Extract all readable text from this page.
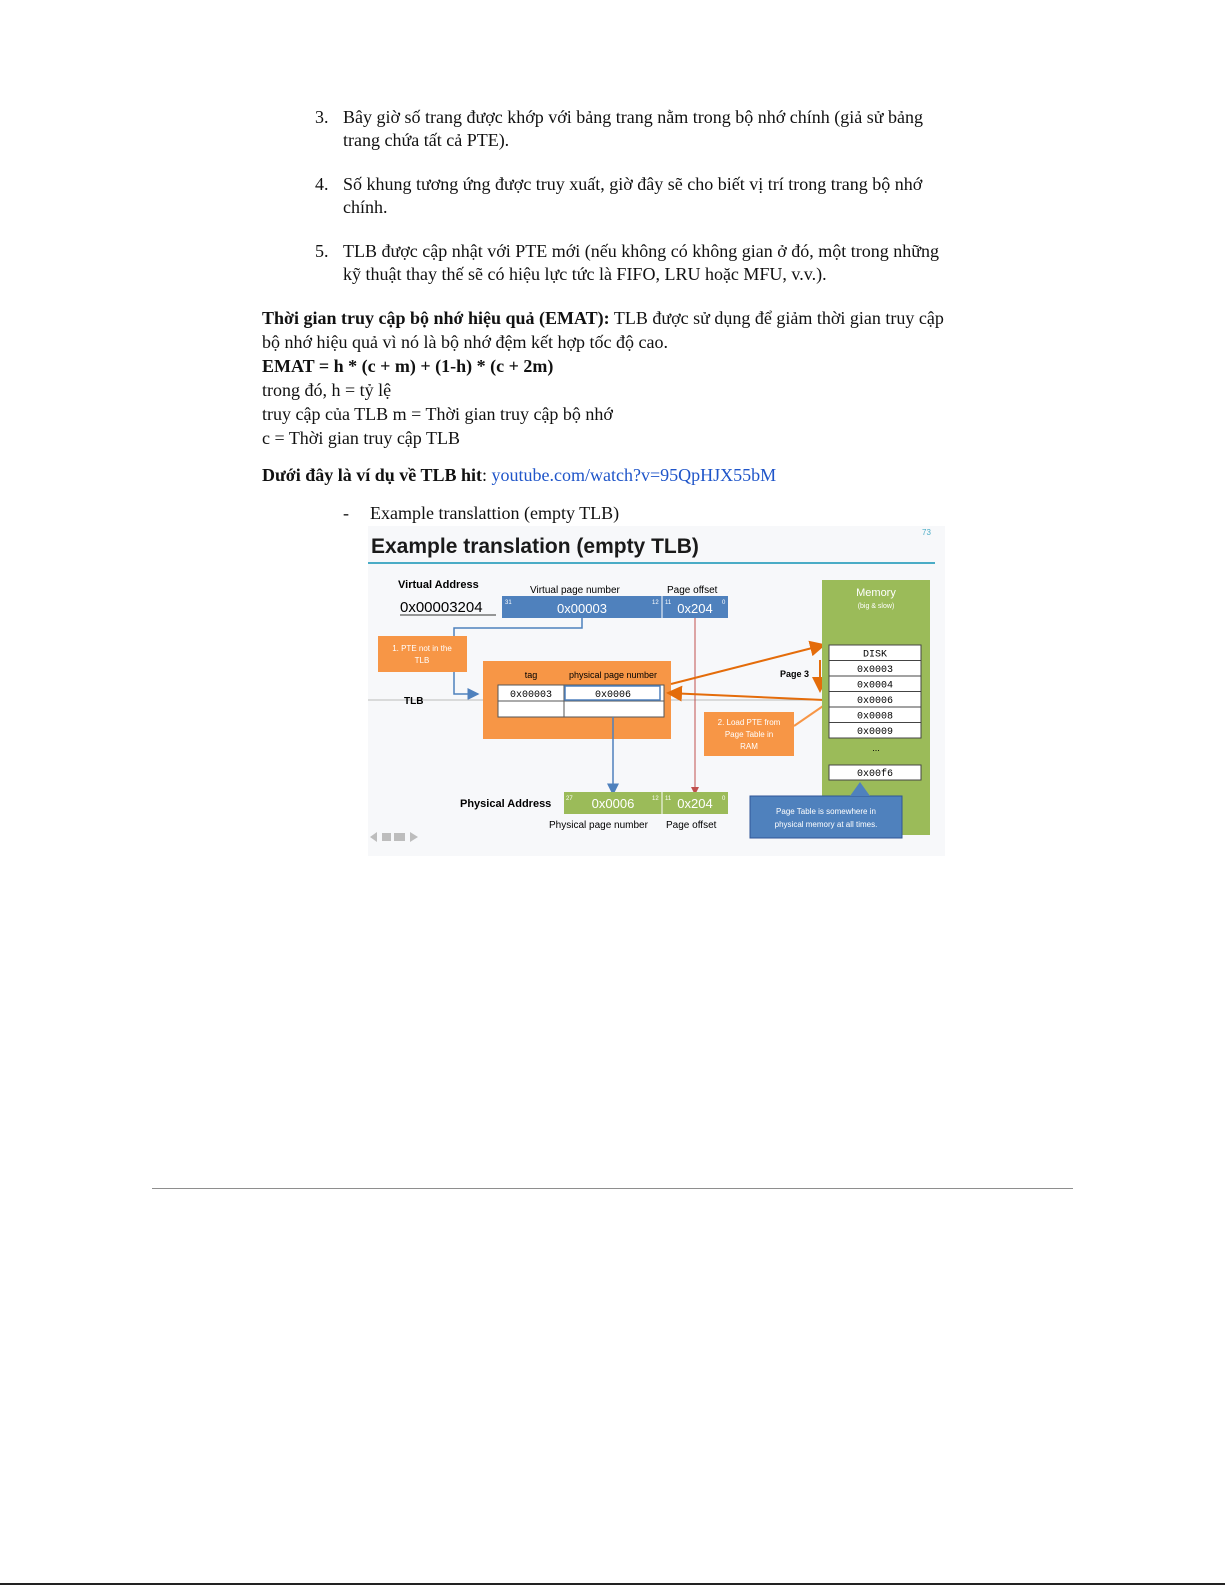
3. Bây giờ số trang được khớp với bảng trang nằm trong bộ nhớ chính (giả sử bảng trang chứa tất cả PTE).
4. Số khung tương ứng được truy xuất, giờ đây sẽ cho biết vị trí trong trang bộ nhớ chính.
5. TLB được cập nhật với PTE mới (nếu không có không gian ở đó, một trong những kỹ thuật thay thế sẽ có hiệu lực tức là FIFO, LRU hoặc MFU, v.v.).
Thời gian truy cập bộ nhớ hiệu quả (EMAT): TLB được sử dụng để giảm thời gian truy cập bộ nhớ hiệu quả vì nó là bộ nhớ đệm kết hợp tốc độ cao.
EMAT = h * (c + m) + (1-h) * (c + 2m)
trong đó, h = tỷ lệ
truy cập của TLB m = Thời gian truy cập bộ nhớ
c = Thời gian truy cập TLB
Dưới đây là ví dụ về TLB hit: youtube.com/watch?v=95QpHJX55bM
- Example translattion (empty TLB)
Example translation (empty TLB)
73
Virtual Address
0x00003204
Virtual page number	Page offset
31	12 11	0
0x00003	0x204
1. PTE not in the
TLB
TLB
tag	physical page number
0x00003	0x0006
Page 3
2. Load PTE from
Page Table in
RAM
Memory
(big & slow)
DISK
0x0003
0x0004
0x0006
0x0008
0x0009
...
0x00f6
Page Table is somewhere in
physical memory at all times.
Physical Address 27	12 11	0
0x0006	0x204
Physical page number Page offset
